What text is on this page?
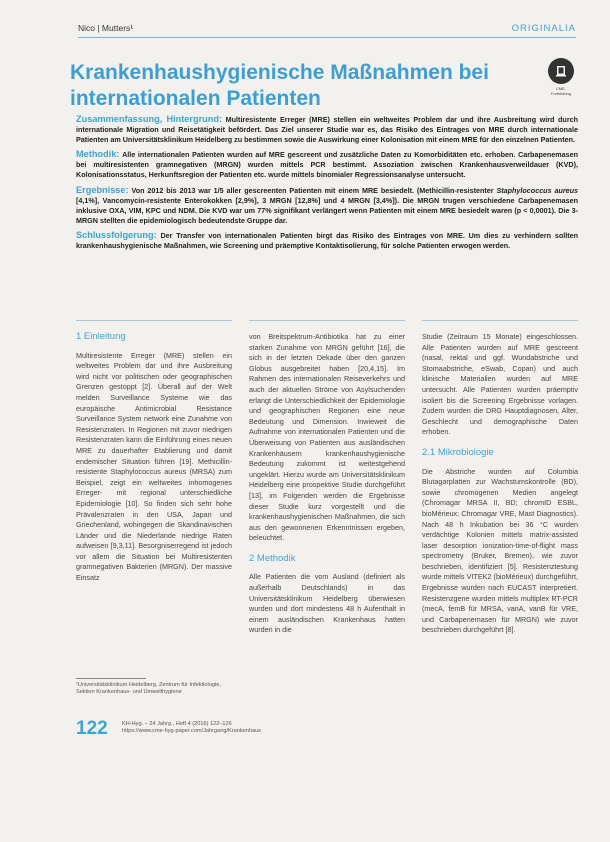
Nico | Mutters¹	ORIGINALIA
Krankenhaushygienische Maßnahmen bei
internationalen Patienten	CME-Fortbildung

Zusammenfassung, Hintergrund: Multiresistente Erreger (MRE) stellen ein weltweites Problem dar und ihre Ausbreitung wird durch internationale Migration und Reisetätigkeit befördert. Das Ziel unserer Studie war es, das Risiko des Eintrages von MRE durch internationale Patienten am Universitätsklinikum Heidelberg zu bestimmen sowie die Auswirkung einer Kolonisation mit einem MRE für den einzelnen Patienten.

Methodik: Alle internationalen Patienten wurden auf MRE gescreent und zusätzliche Daten zu Komorbiditäten etc. erhoben. Carbapenemasen bei multiresistenten gramnegativen (MRGN) wurden mittels PCR bestimmt. Assoziation zwischen Krankenhausverweildauer (KVD), Kolonisationsstatus, Herkunftsregion der Patienten etc. wurde mittels binomialer Regressionsanalyse untersucht.

Ergebnisse: Von 2012 bis 2013 war 1/5 aller gescreenten Patienten mit einem MRE besiedelt. (Methicillin-resistenter Staphylococcus aureus [4,1%], Vancomycin-resistente Enterokokken [2,9%], 3 MRGN [12,8%] und 4 MRGN [3,4%]). Die MRGN trugen verschiedene Carbapenemasen inklusive OXA, VIM, KPC und NDM. Die KVD war um 77% signifikant verlängert wenn Patienten mit einem MRE besiedelt waren (p < 0,0001). Die 3-MRGN stellten die epidemiologisch bedeutendste Gruppe dar.

Schlussfolgerung: Der Transfer von internationalen Patienten birgt das Risiko des Eintrages von MRE. Um dies zu verhindern sollten krankenhaushygienische Maßnahmen, wie Screening und präemptive Kontaktisolierung, für solche Patienten erwogen werden.

1 Einleitung

Multiresistente Erreger (MRE) stellen ein weltweites Problem dar und ihre Ausbreitung wird nicht vor politischen oder geographischen Grenzen gestoppt [2]. Überall auf der Welt melden Surveillance Systeme wie das europäische Antimicrobial Resistance Surveillance System network eine Zunahme von Resistenzraten. In Regionen mit zuvor niedrigen Resistenzraten kann die Einführung eines neuen MRE zu dauerhafter Etablierung und damit endemischer Situation führen [19]. Methicillin-resistente Staphylococcus aureus (MRSA) zum Beispiel, zeigt ein weltweites inhomogenes Erreger- mit regional unterschiedliche Epidemiologie [10]. So finden sich sehr hohe Prävalenzraten in den USA, Japan und Griechenland, wohingegen die Skandinavischen Länder und die Niederlande niedrige Raten aufweisen [9,3,11]. Besorgniserregend ist jedoch vor allem die Situation bei Multiresistenten gramnegativen Bakterien (MRGN). Der massive Einsatz

von Breitspektrum-Antibiotika hat zu einer starken Zunahme von MRGN geführt [16], die sich in der letzten Dekade über den ganzen Globus ausgebreitet haben [20,4,15]. Im Rahmen des internationalen Reiseverkehrs und auch der aktuellen Ströme von Asylsuchenden erlangt die Unterschiedlichkeit der Epidemiologie und geographischen Regionen eine neue Bedeutung und Dimension. Inwieweit die Aufnahme von internationalen Patienten und die Überweisung von Patienten aus ausländischen Krankenhäusern krankenhaushygienische Bedeutung zukommt ist weitestgehend ungeklärt. Hierzu wurde am Universitätsklinikum Heidelberg eine prospektive Studie durchgeführt [13], im Folgenden werden die Ergebnisse dieser Studie kurz vorgestellt und die krankenhaushygienischen Maßnahmen, die sich aus den gewonnenen Erkenntnissen ergeben, beleuchtet.

2 Methodik

Alle Patienten die vom Ausland (definiert als außerhalb Deutschlands) in das Universitätsklinikum Heidelberg überwiesen wurden und dort mindestens 48 h Aufenthalt in einem ausländischen Krankenhaus hatten wurden in die

Studie (Zeitraum 15 Monate) eingeschlossen. Alle Patienten wurden auf MRE gescreent (nasal, rektal und ggf. Wundabstriche und Stomaabstriche, eSwab, Copan) und auch klinische Materialien wurden auf MRE untersucht. Alle Patienten wurden präemptiv isoliert bis die Screening Ergebnisse vorlagen. Zudem wurden die DRG Hauptdiagnosen, Alter, Geschlecht und demographische Daten erhoben.

2.1 Mikrobiologie

Die Abstriche wurden auf Columbia Blutagarplatten zur Wachstumskontrolle (BD), sowie chromogenen Medien angelegt (Chromagar MRSA II, BD; chromID ESBL, bioMérieux; Chromagar VRE, Mast Diagnostics). Nach 48 h Inkubation bei 36 °C wurden verdächtige Kolonien mittels matrix-assisted laser desorption ionization-time-of-flight mass spectrometry (Bruker, Bremen), wie zuvor beschrieben, identifiziert [5]. Resistenztestung wurde mittels VITEK2 (bioMérieux) durchgeführt, Ergebnisse wurden nach EUCAST interpretiert. Resistenzgene wurden mittels multiplex RT-PCR (mecA, femB für MRSA, vanA, vanB für VRE, und Carbapenemasen für MRGN) wie zuvor beschrieben durchgeführt [8].

¹Universitätsklinikum Heidelberg, Zentrum für Infektiologie, Sektion Krankenhaus- und Umwelthygiene
122	KH-Hyg. – 24 Jahrg., Heft 4 (2016) 122–126
https://www.cme-hyg-paper.com/Jahrgang/Krankenhaus
